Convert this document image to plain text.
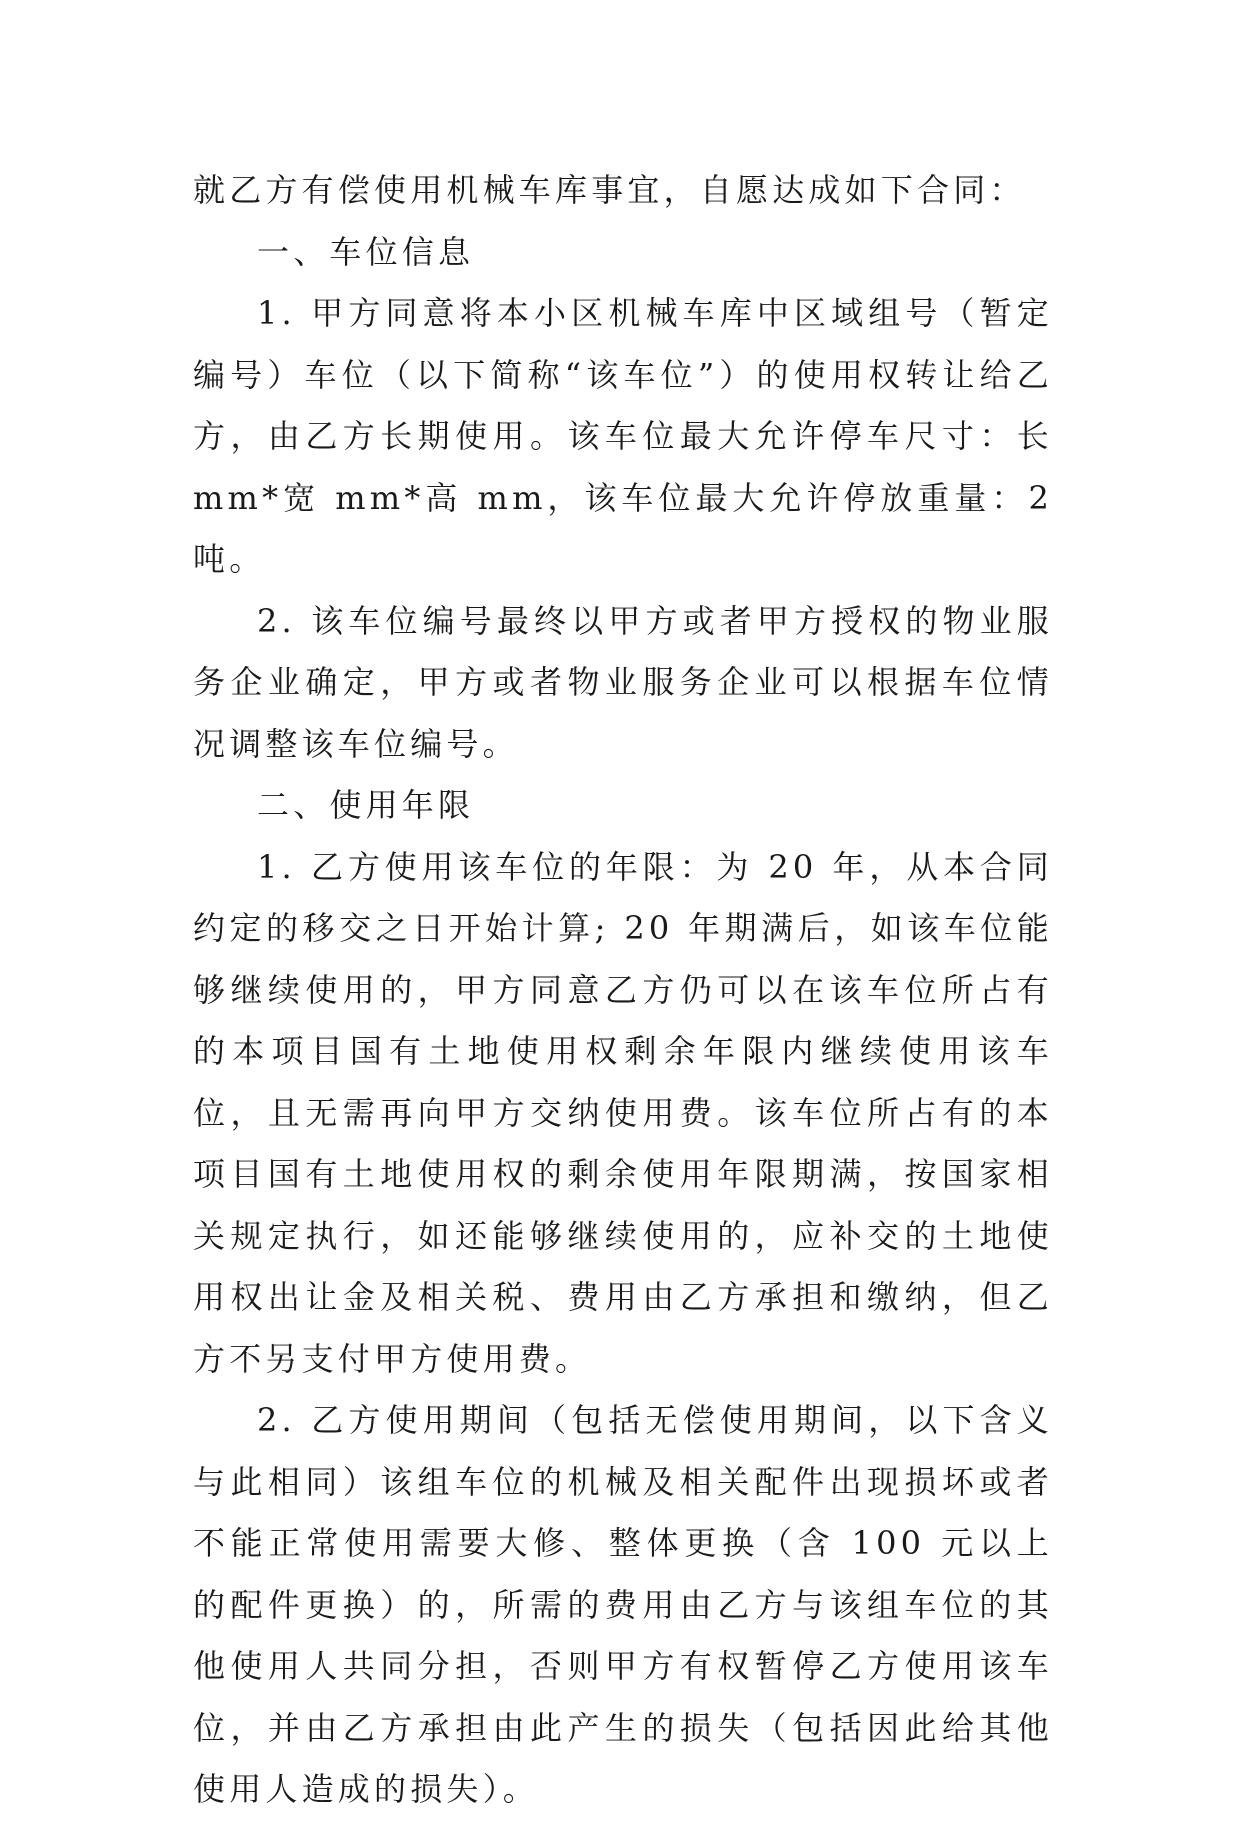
就乙方有偿使用机械车库事宜，自愿达成如下合同：

一、车位信息

1. 甲方同意将本小区机械车库中区域组号（暂定编号）车位（以下简称“该车位”）的使用权转让给乙方，由乙方长期使用。该车位最大允许停车尺寸：长 mm*宽 mm*高 mm，该车位最大允许停放重量：2 吨。

2. 该车位编号最终以甲方或者甲方授权的物业服务企业确定，甲方或者物业服务企业可以根据车位情况调整该车位编号。

二、使用年限

1. 乙方使用该车位的年限：为 20 年，从本合同约定的移交之日开始计算; 20 年期满后，如该车位能够继续使用的，甲方同意乙方仍可以在该车位所占有的本项目国有土地使用权剩余年限内继续使用该车位，且无需再向甲方交纳使用费。该车位所占有的本项目国有土地使用权的剩余使用年限期满，按国家相关规定执行，如还能够继续使用的，应补交的土地使用权出让金及相关税、费用由乙方承担和缴纳，但乙方不另支付甲方使用费。

2. 乙方使用期间（包括无偿使用期间，以下含义与此相同）该组车位的机械及相关配件出现损坏或者不能正常使用需要大修、整体更换（含 100 元以上的配件更换）的，所需的费用由乙方与该组车位的其他使用人共同分担，否则甲方有权暂停乙方使用该车位，并由乙方承担由此产生的损失（包括因此给其他使用人造成的损失）。
